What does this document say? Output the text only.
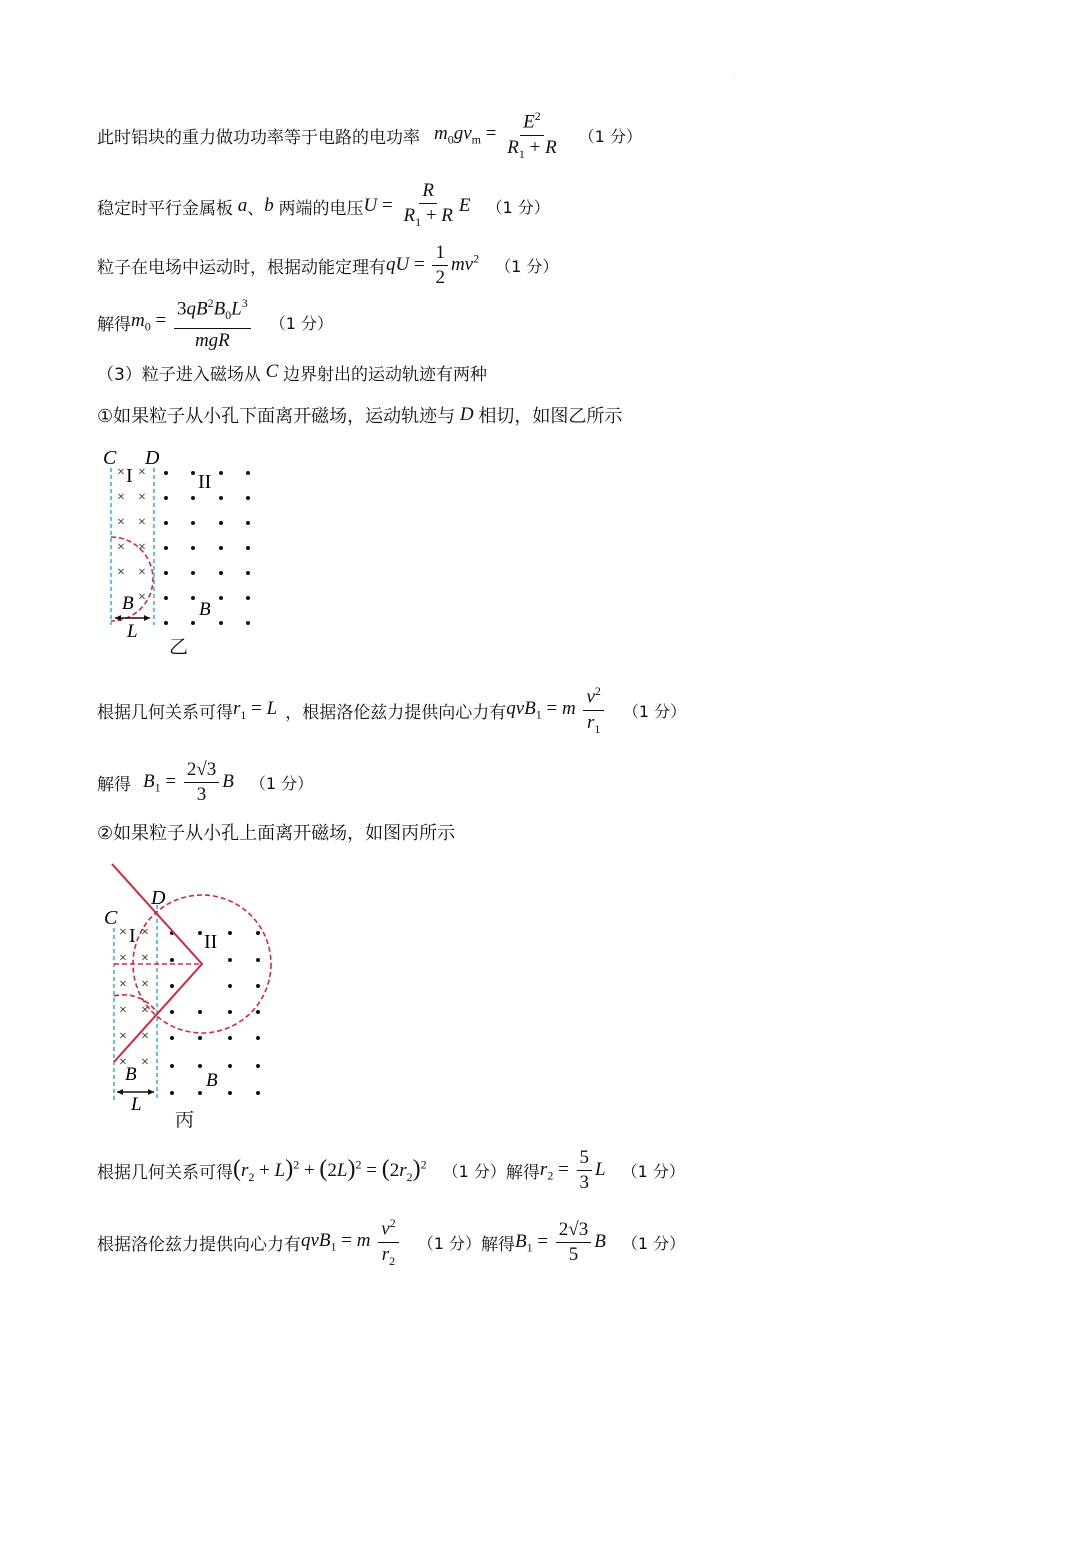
'
此时铝块的重力做功功率等于电路的电功率 $m_0gv_m = \frac{E^2}{R_1 + R} (1$ 分）
稳定时平行金属板 a 、 b 两端的电压 $U = \frac{R}{R_1 + R}$ E （1 分）
粒子在电场中运动时，根据动能定理有 qU = $\frac{1}{2} mv^2$ （1 分）
解得 $m_0 = \frac{3qB^2B_0L^3}{\text{mgR}} (1$ 分）
（3）粒子进入磁场从 C 边界射出的运动轨迹有两种
①如果粒子从小孔下面离开磁场，运动轨迹与 D 相切，如图乙所示
C D
× ×
× ×
× ×
× ×
× ×
×
I	II
B	B
L
乙
根据几何关系可得 $r_1 = L$ ，根据洛伦兹力提供向心力有 qvB$_1$ = m $\frac{v^2}{r_1} (1$ 分）
解得 $B_1 = \frac{2√3}{3}$ B （1 分）
②如果粒子从小孔上面离开磁场，如图丙所示
C
D
× ×
× ×
× ×
× ×
× ×
× ×
I	II
B	B
L
丙
根据几何关系可得 $(r_2 + L)^2 + (2L)^2 = (2r_2)^2$ （1 分） 解得 $r_2 = \frac{5}{3}$ L （1 分）
根据洛伦兹力提供向心力有 qvB$_1$ = m $\frac{v^2}{r_2} (1$ 分） 解得 $B_1 = \frac{2√3}{5}$ B （1 分）
